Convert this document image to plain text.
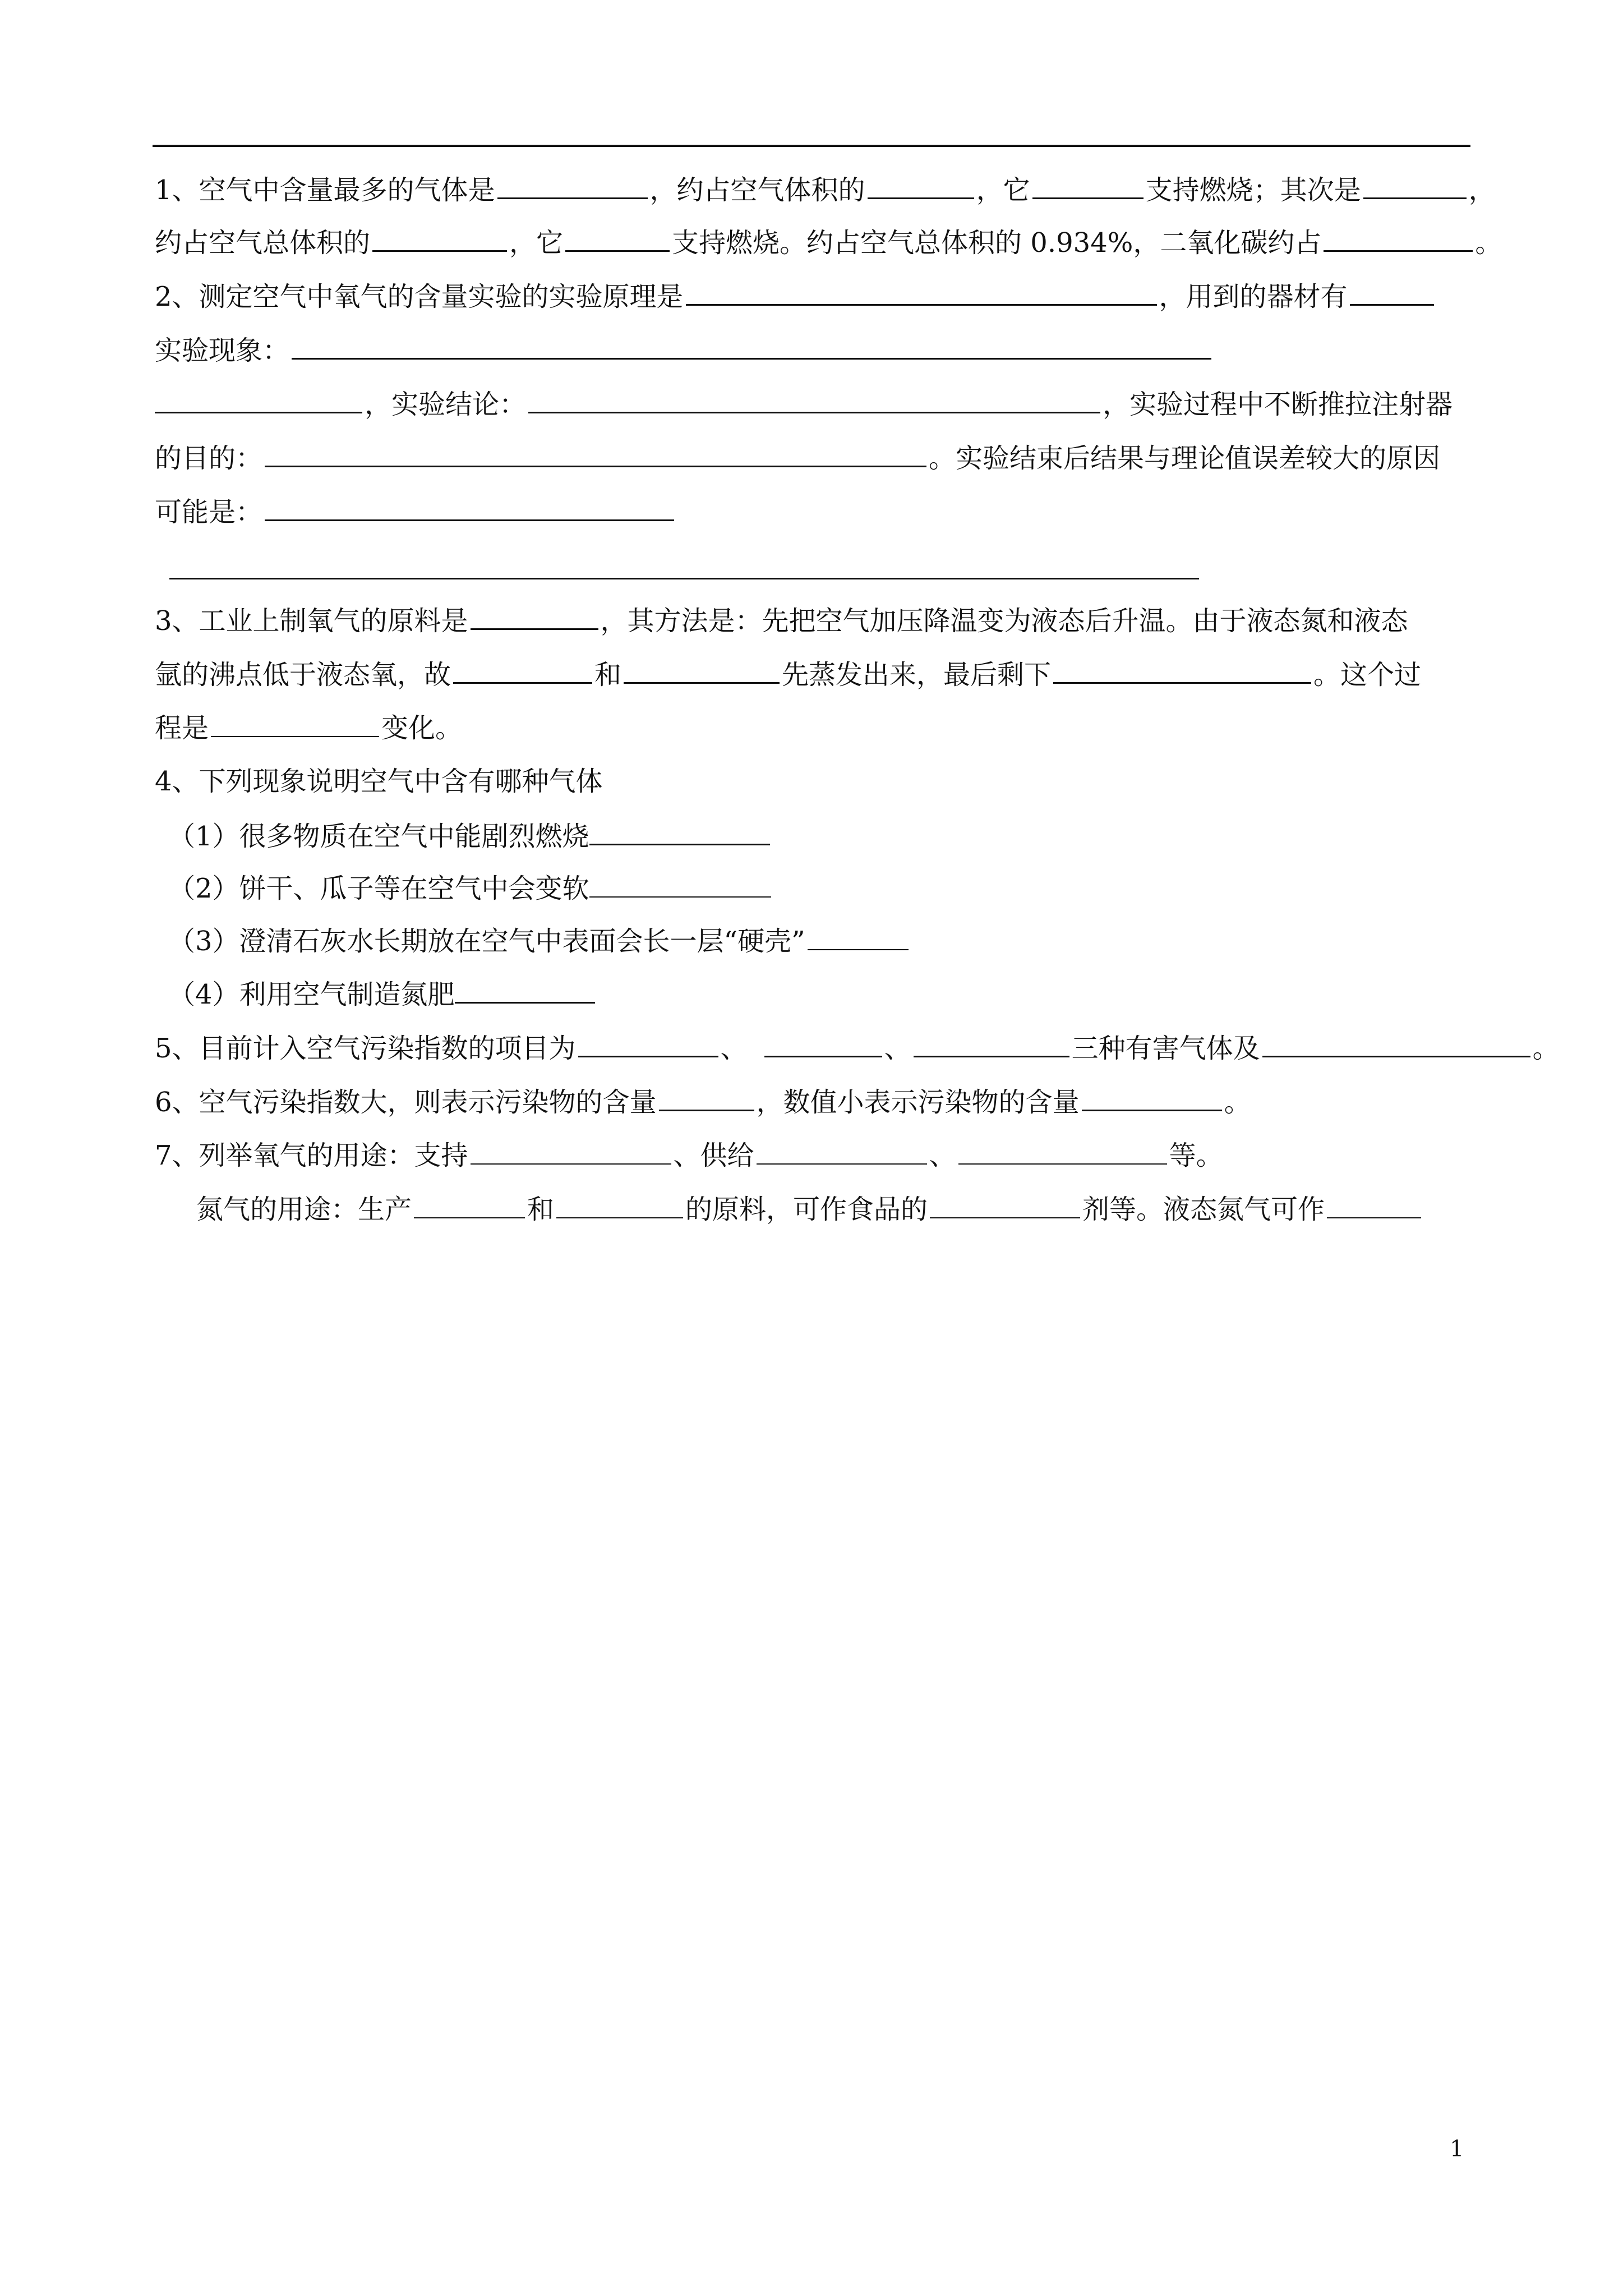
1、空气中含量最多的气体是	，约占空气体积的	，它	支持燃烧；其次是	，
约占空气总体积的	，它	支持燃烧。约占空气总体积的 0.934%，二氧化碳约占	。
2、测定空气中氧气的含量实验的实验原理是	，用到的器材有
实验现象：
，实验结论：	，实验过程中不断推拉注射器
的目的：	。实验结束后结果与理论值误差较大的原因
可能是：
3、工业上制氧气的原料是	，其方法是：先把空气加压降温变为液态后升温。由于液态氮和液态
氩的沸点低于液态氧，故	和	先蒸发出来，最后剩下	。这个过
程是	变化。
4、下列现象说明空气中含有哪种气体
（1）很多物质在空气中能剧烈燃烧
（2）饼干、瓜子等在空气中会变软
（3）澄清石灰水长期放在空气中表面会长一层“硬壳”
（4）利用空气制造氮肥
5、目前计入空气污染指数的项目为	、	、	三种有害气体及	。
6、空气污染指数大，则表示污染物的含量	，数值小表示污染物的含量	。
7、列举氧气的用途：支持	、供给	、	等。
氮气的用途：生产	和	的原料，可作食品的	剂等。液态氮气可作
1
